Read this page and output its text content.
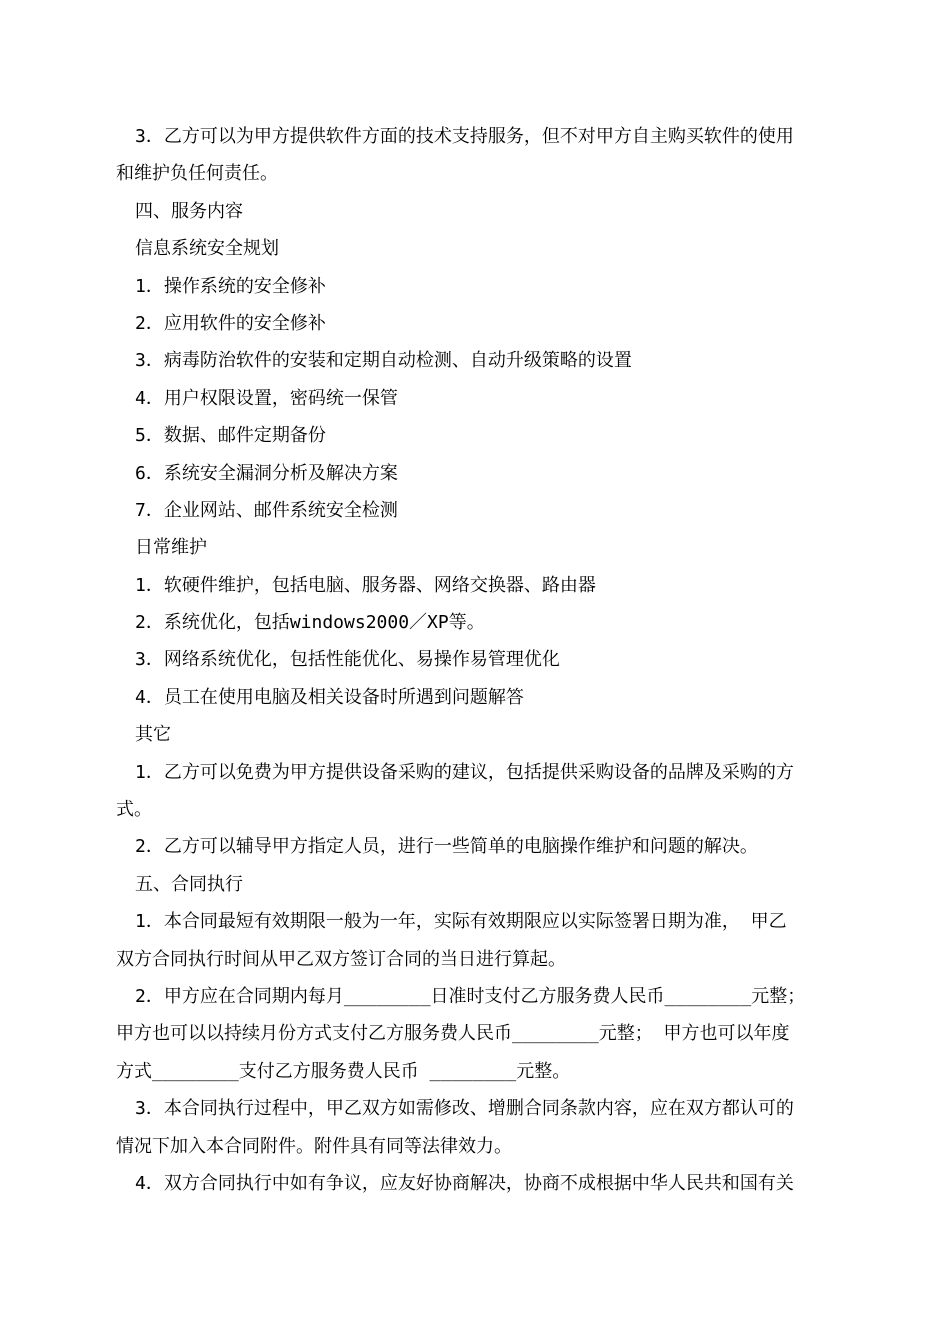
3．乙方可以为甲方提供软件方面的技术支持服务，但不对甲方自主购买软件的使用
和维护负任何责任。
四、服务内容
信息系统安全规划
1．操作系统的安全修补
2．应用软件的安全修补
3．病毒防治软件的安装和定期自动检测、自动升级策略的设置
4．用户权限设置，密码统一保管
5．数据、邮件定期备份
6．系统安全漏洞分析及解决方案
7．企业网站、邮件系统安全检测
日常维护
1．软硬件维护，包括电脑、服务器、网络交换器、路由器
2．系统优化，包括windows2000／XP等。
3．网络系统优化，包括性能优化、易操作易管理优化
4．员工在使用电脑及相关设备时所遇到问题解答
其它
1．乙方可以免费为甲方提供设备采购的建议，包括提供采购设备的品牌及采购的方
式。
2．乙方可以辅导甲方指定人员，进行一些简单的电脑操作维护和问题的解决。
五、合同执行
1．本合同最短有效期限一般为一年，实际有效期限应以实际签署日期为准， 甲乙
双方合同执行时间从甲乙双方签订合同的当日进行算起。
2．甲方应在合同期内每月________日准时支付乙方服务费人民币________元整；
甲方也可以以持续月份方式支付乙方服务费人民币________元整； 甲方也可以年度
方式________支付乙方服务费人民币 ________元整。
3．本合同执行过程中，甲乙双方如需修改、增删合同条款内容，应在双方都认可的
情况下加入本合同附件。附件具有同等法律效力。
4．双方合同执行中如有争议，应友好协商解决，协商不成根据中华人民共和国有关
